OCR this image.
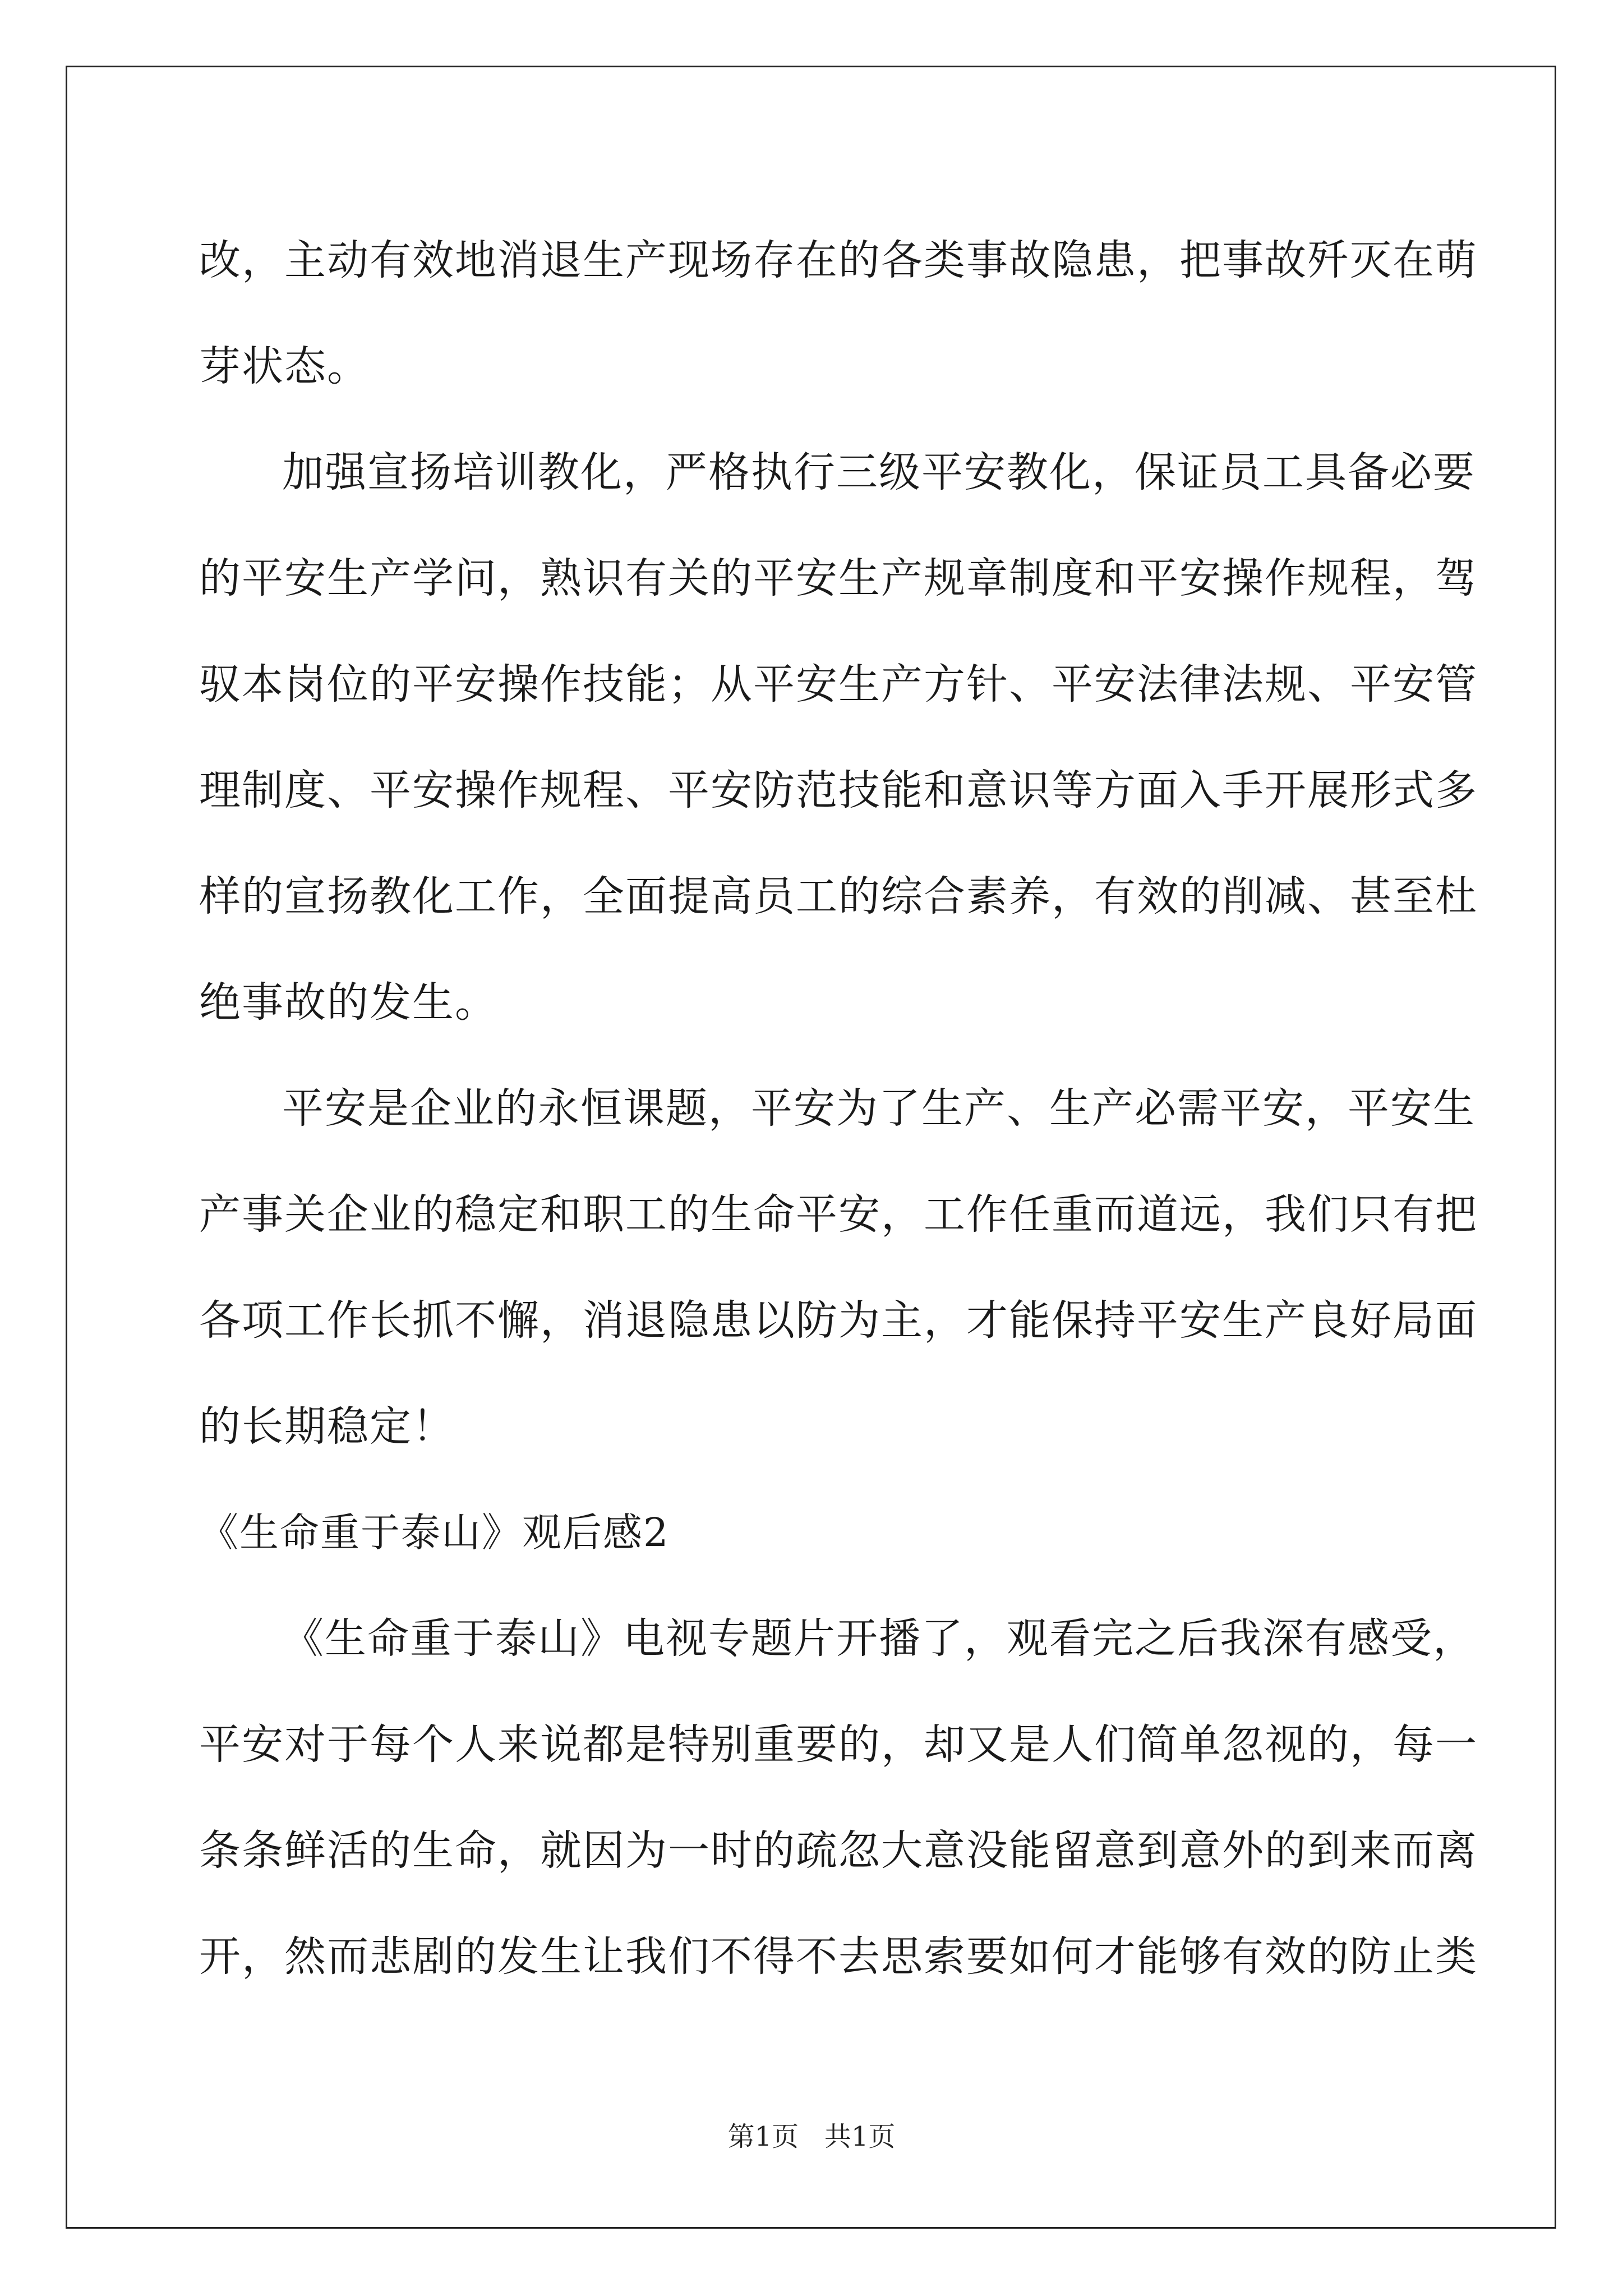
改，主动有效地消退生产现场存在的各类事故隐患，把事故歼灭在萌
芽状态。
加强宣扬培训教化，严格执行三级平安教化，保证员工具备必要
的平安生产学问，熟识有关的平安生产规章制度和平安操作规程，驾
驭本岗位的平安操作技能；从平安生产方针、平安法律法规、平安管
理制度、平安操作规程、平安防范技能和意识等方面入手开展形式多
样的宣扬教化工作，全面提高员工的综合素养，有效的削减、甚至杜
绝事故的发生。
平安是企业的永恒课题，平安为了生产、生产必需平安，平安生
产事关企业的稳定和职工的生命平安，工作任重而道远，我们只有把
各项工作长抓不懈，消退隐患以防为主，才能保持平安生产良好局面
的长期稳定！
《生命重于泰山》观后感2
《生命重于泰山》电视专题片开播了，观看完之后我深有感受，
平安对于每个人来说都是特别重要的，却又是人们简单忽视的，每一
条条鲜活的生命，就因为一时的疏忽大意没能留意到意外的到来而离
开，然而悲剧的发生让我们不得不去思索要如何才能够有效的防止类
第1页 共1页
